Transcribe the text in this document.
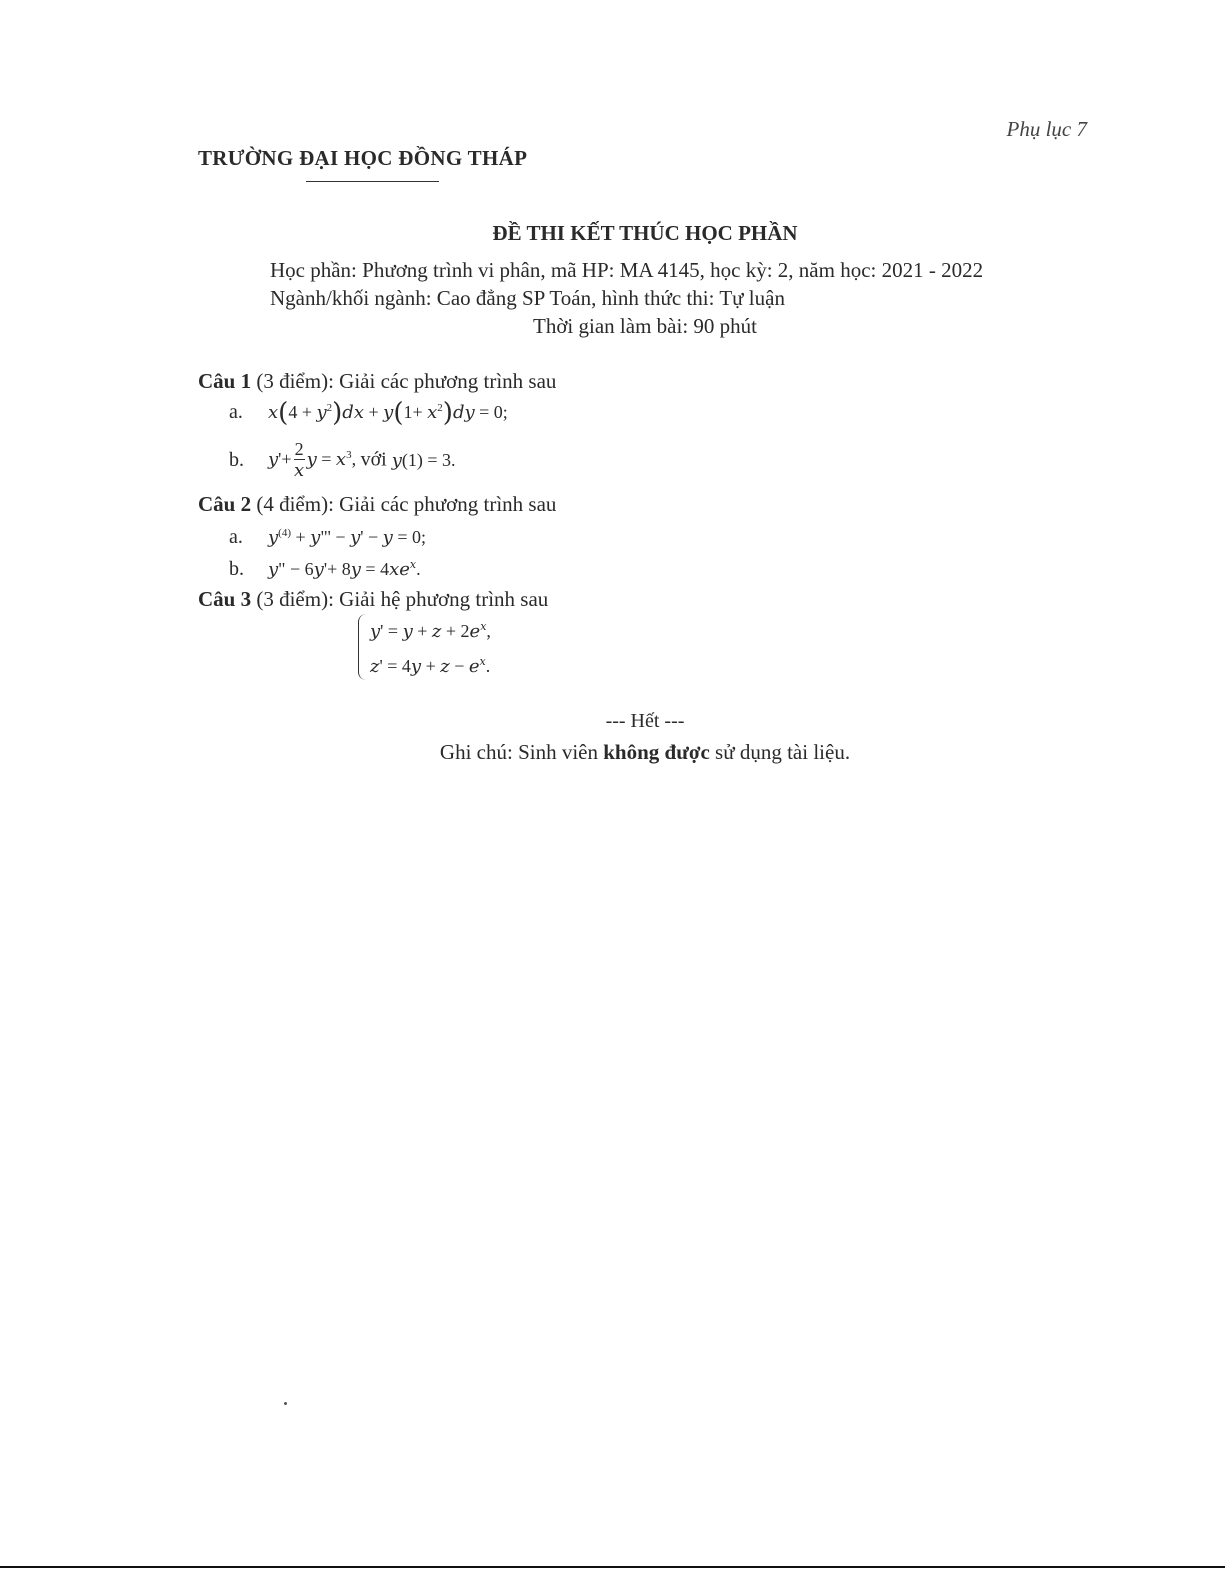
Phụ lục 7
TRƯỜNG ĐẠI HỌC ĐỒNG THÁP
ĐỀ THI KẾT THÚC HỌC PHẦN
Học phần: Phương trình vi phân, mã HP: MA 4145, học kỳ: 2, năm học: 2021 - 2022
Ngành/khối ngành: Cao đẳng SP Toán, hình thức thi: Tự luận
Thời gian làm bài: 90 phút
Câu 1 (3 điểm): Giải các phương trình sau
a. $x(4 + y^2)dx + y(1+ x^2)dy = 0$;
b. $y'+ \frac{2}{x}$ $y = x^3$, với y(1) = 3.
Câu 2 (4 điểm): Giải các phương trình sau
a. $y^{(4)}$ + y"' − y' − y = 0;
b. y" − $6y'+ 8y = 4xe^x$.
Câu 3 (3 điểm): Giải hệ phương trình sau
$y' = y + z + 2e^x$,
$z' = 4y + z - e^x$.
--- Hết ---
Ghi chú: Sinh viên không được sử dụng tài liệu.
